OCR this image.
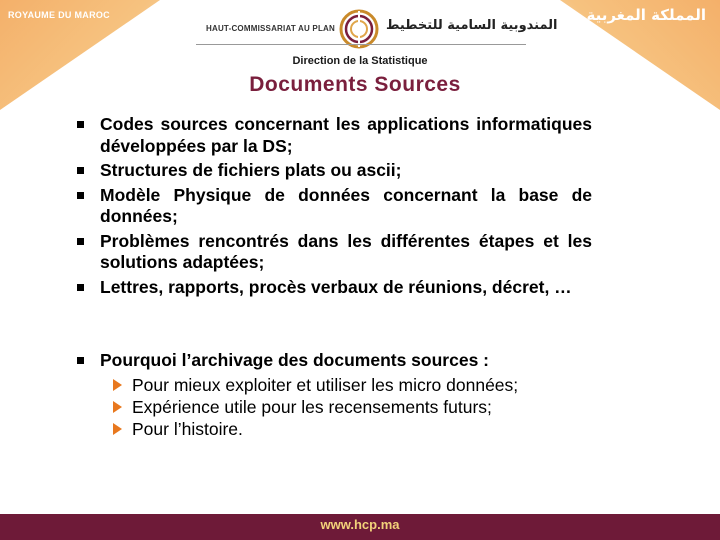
ROYAUME DU MAROC	المملكة المغربية
HAUT-COMMISSARIAT AU PLAN	المندوبية السامية للتخطيط
Direction de la Statistique
Documents Sources
Codes sources concernant les applications informatiques développées par la DS;
Structures de fichiers plats ou ascii;
Modèle Physique de données concernant la base de données;
Problèmes rencontrés dans les différentes étapes et les solutions adaptées;
Lettres, rapports, procès verbaux de réunions, décret, …
Pourquoi l’archivage des documents sources :
Pour mieux exploiter et utiliser les micro données;
Expérience utile pour les recensements futurs;
Pour l’histoire.
www.hcp.ma
